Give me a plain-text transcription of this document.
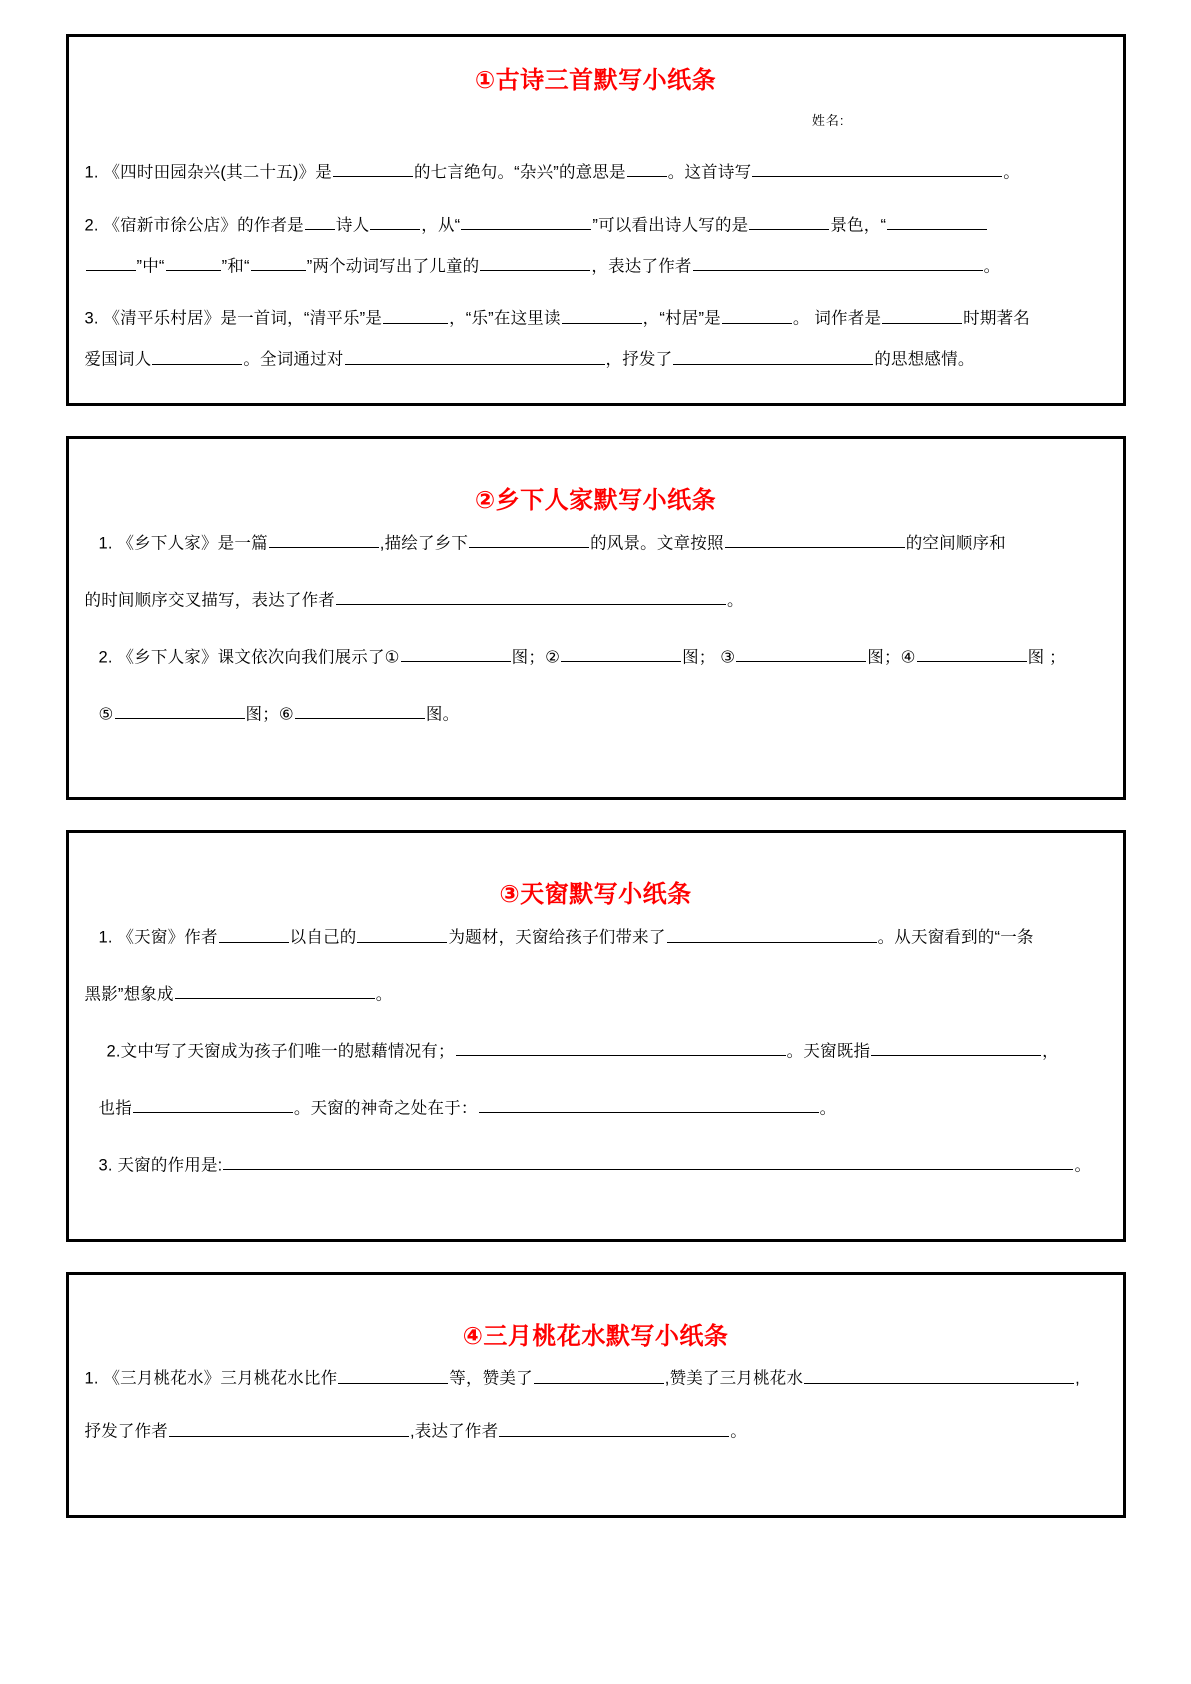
①古诗三首默写小纸条
姓名:
1. 《四时田园杂兴(其二十五)》是	的七言绝句。“杂兴”的意思是	。这首诗写	。
2. 《宿新市徐公店》的作者是 诗人	，从“	”可以看出诗人写的是	景色，“
”中“	”和“	”两个动词写出了儿童的	，表达了作者	。
3. 《清平乐村居》是一首词，“清平乐”是	，“乐”在这里读	，“村居”是	。 词作者是	时期著名
爱国词人	。全词通过对	，抒发了	的思想感情。
②乡下人家默写小纸条
1. 《乡下人家》是一篇	,描绘了乡下	的风景。文章按照	的空间顺序和
的时间顺序交叉描写，表达了作者	。
2. 《乡下人家》课文依次向我们展示了①	图；②	图； ③	图；④	图 ；
⑤	图；⑥	图。
③天窗默写小纸条
1. 《天窗》作者	以自己的	为题材，天窗给孩子们带来了	。从天窗看到的“一条
黑影”想象成	。
2.文中写了天窗成为孩子们唯一的慰藉情况有；	。天窗既指	，
也指	。天窗的神奇之处在于：	。
3. 天窗的作用是:	。
④三月桃花水默写小纸条
1. 《三月桃花水》三月桃花水比作	等，赞美了	,赞美了三月桃花水	,
抒发了作者	,表达了作者	。
